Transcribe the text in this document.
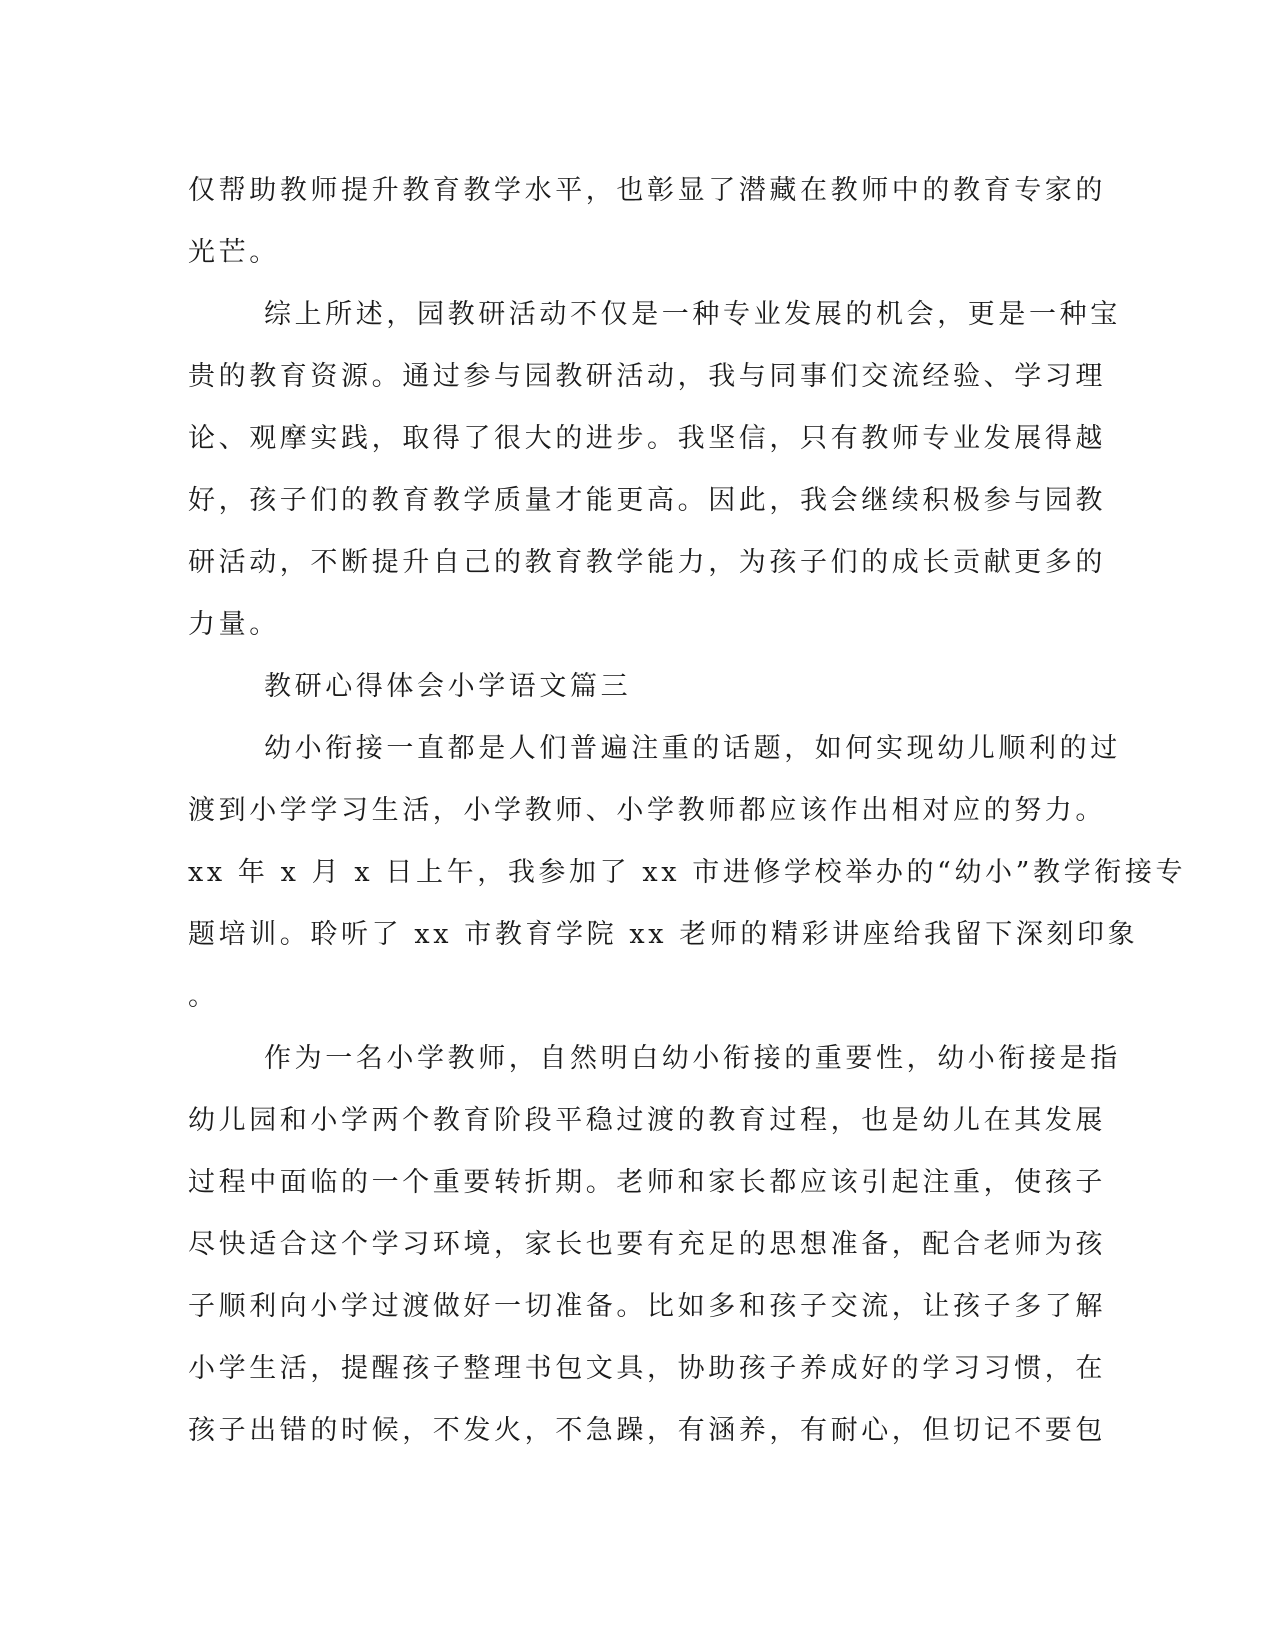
仅帮助教师提升教育教学水平，也彰显了潜藏在教师中的教育专家的
光芒。
综上所述，园教研活动不仅是一种专业发展的机会，更是一种宝
贵的教育资源。通过参与园教研活动，我与同事们交流经验、学习理
论、观摩实践，取得了很大的进步。我坚信，只有教师专业发展得越
好，孩子们的教育教学质量才能更高。因此，我会继续积极参与园教
研活动，不断提升自己的教育教学能力，为孩子们的成长贡献更多的
力量。
教研心得体会小学语文篇三
幼小衔接一直都是人们普遍注重的话题，如何实现幼儿顺利的过
渡到小学学习生活，小学教师、小学教师都应该作出相对应的努力。
xx 年 x 月 x 日上午，我参加了 xx 市进修学校举办的“幼小”教学衔接专
题培训。聆听了 xx 市教育学院 xx 老师的精彩讲座给我留下深刻印象
。
作为一名小学教师，自然明白幼小衔接的重要性，幼小衔接是指
幼儿园和小学两个教育阶段平稳过渡的教育过程，也是幼儿在其发展
过程中面临的一个重要转折期。老师和家长都应该引起注重，使孩子
尽快适合这个学习环境，家长也要有充足的思想准备，配合老师为孩
子顺利向小学过渡做好一切准备。比如多和孩子交流，让孩子多了解
小学生活，提醒孩子整理书包文具，协助孩子养成好的学习习惯，在
孩子出错的时候，不发火，不急躁，有涵养，有耐心，但切记不要包
